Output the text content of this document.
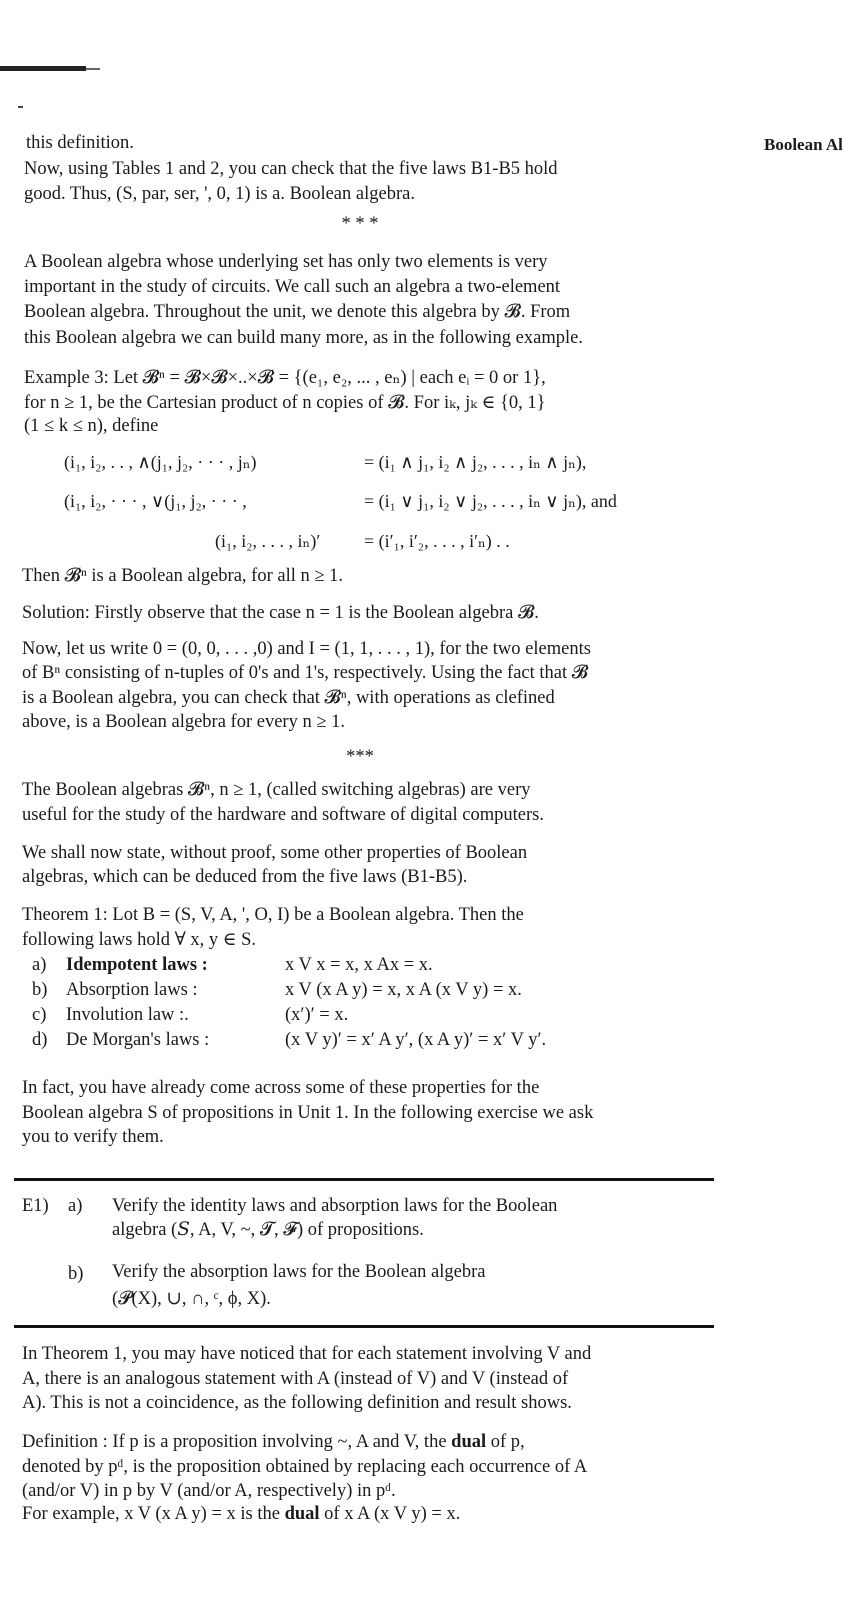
Boolean Al
this definition.
Now, using Tables 1 and 2, you can check that the five laws B1-B5 hold
good. Thus, (S, par, ser, ', 0, 1) is a. Boolean algebra.
* * *
A Boolean algebra whose underlying set has only two elements is very
important in the study of circuits. We call such an algebra a two-element
Boolean algebra. Throughout the unit, we denote this algebra by 𝓑. From
this Boolean algebra we can build many more, as in the following example.
Example 3: Let 𝓑ⁿ = 𝓑×𝓑×..×𝓑 = {(e₁, e₂, ... , eₙ) | each eᵢ = 0 or 1},
for n ≥ 1, be the Cartesian product of n copies of 𝓑. For iₖ, jₖ ∈ {0, 1}
(1 ≤ k ≤ n), define
(i₁, i₂, . . , ∧(j₁, j₂, · · · , jₙ)	= (i₁ ∧ j₁, i₂ ∧ j₂, . . . , iₙ ∧ jₙ),
(i₁, i₂, · · · , ∨(j₁, j₂, · · · ,	= (i₁ ∨ j₁, i₂ ∨ j₂, . . . , iₙ ∨ jₙ), and
(i₁, i₂, . . . , iₙ)′ = (i′₁, i′₂, . . . , i′ₙ) . .
Then 𝓑ⁿ is a Boolean algebra, for all n ≥ 1.
Solution: Firstly observe that the case n = 1 is the Boolean algebra 𝓑.
Now, let us write 0 = (0, 0, . . . ,0) and I = (1, 1, . . . , 1), for the two elements
of Bⁿ consisting of n-tuples of 0's and 1's, respectively. Using the fact that 𝓑
is a Boolean algebra, you can check that 𝓑ⁿ, with operations as clefined
above, is a Boolean algebra for every n ≥ 1.
***
The Boolean algebras 𝓑ⁿ, n ≥ 1, (called switching algebras) are very
useful for the study of the hardware and software of digital computers.
We shall now state, without proof, some other properties of Boolean
algebras, which can be deduced from the five laws (B1-B5).
Theorem 1: Lot B = (S, V, A, ', O, I) be a Boolean algebra. Then the
following laws hold ∀ x, y ∈ S.
a) Idempotent laws :	x V x = x, x Ax = x.
b) Absorption laws :	x V (x A y) = x, x A (x V y) = x.
c) Involution law :.	(x′)′ = x.
d) De Morgan's laws :	(x V y)′ = x′ A y′, (x A y)′ = x′ V y′.
In fact, you have already come across some of these properties for the
Boolean algebra S of propositions in Unit 1. In the following exercise we ask
you to verify them.
E1) a) Verify the identity laws and absorption laws for the Boolean
algebra (𝑆, A, V, ~, 𝓣, 𝓕) of propositions.
b) Verify the absorption laws for the Boolean algebra
(𝓟(X), ∪, ∩, ᶜ, ϕ, X).
In Theorem 1, you may have noticed that for each statement involving V and
A, there is an analogous statement with A (instead of V) and V (instead of
A). This is not a coincidence, as the following definition and result shows.
Definition : If p is a proposition involving ~, A and V, the dual of p,
denoted by pᵈ, is the proposition obtained by replacing each occurrence of A
(and/or V) in p by V (and/or A, respectively) in pᵈ.
For example, x V (x A y) = x is the dual of x A (x V y) = x.
